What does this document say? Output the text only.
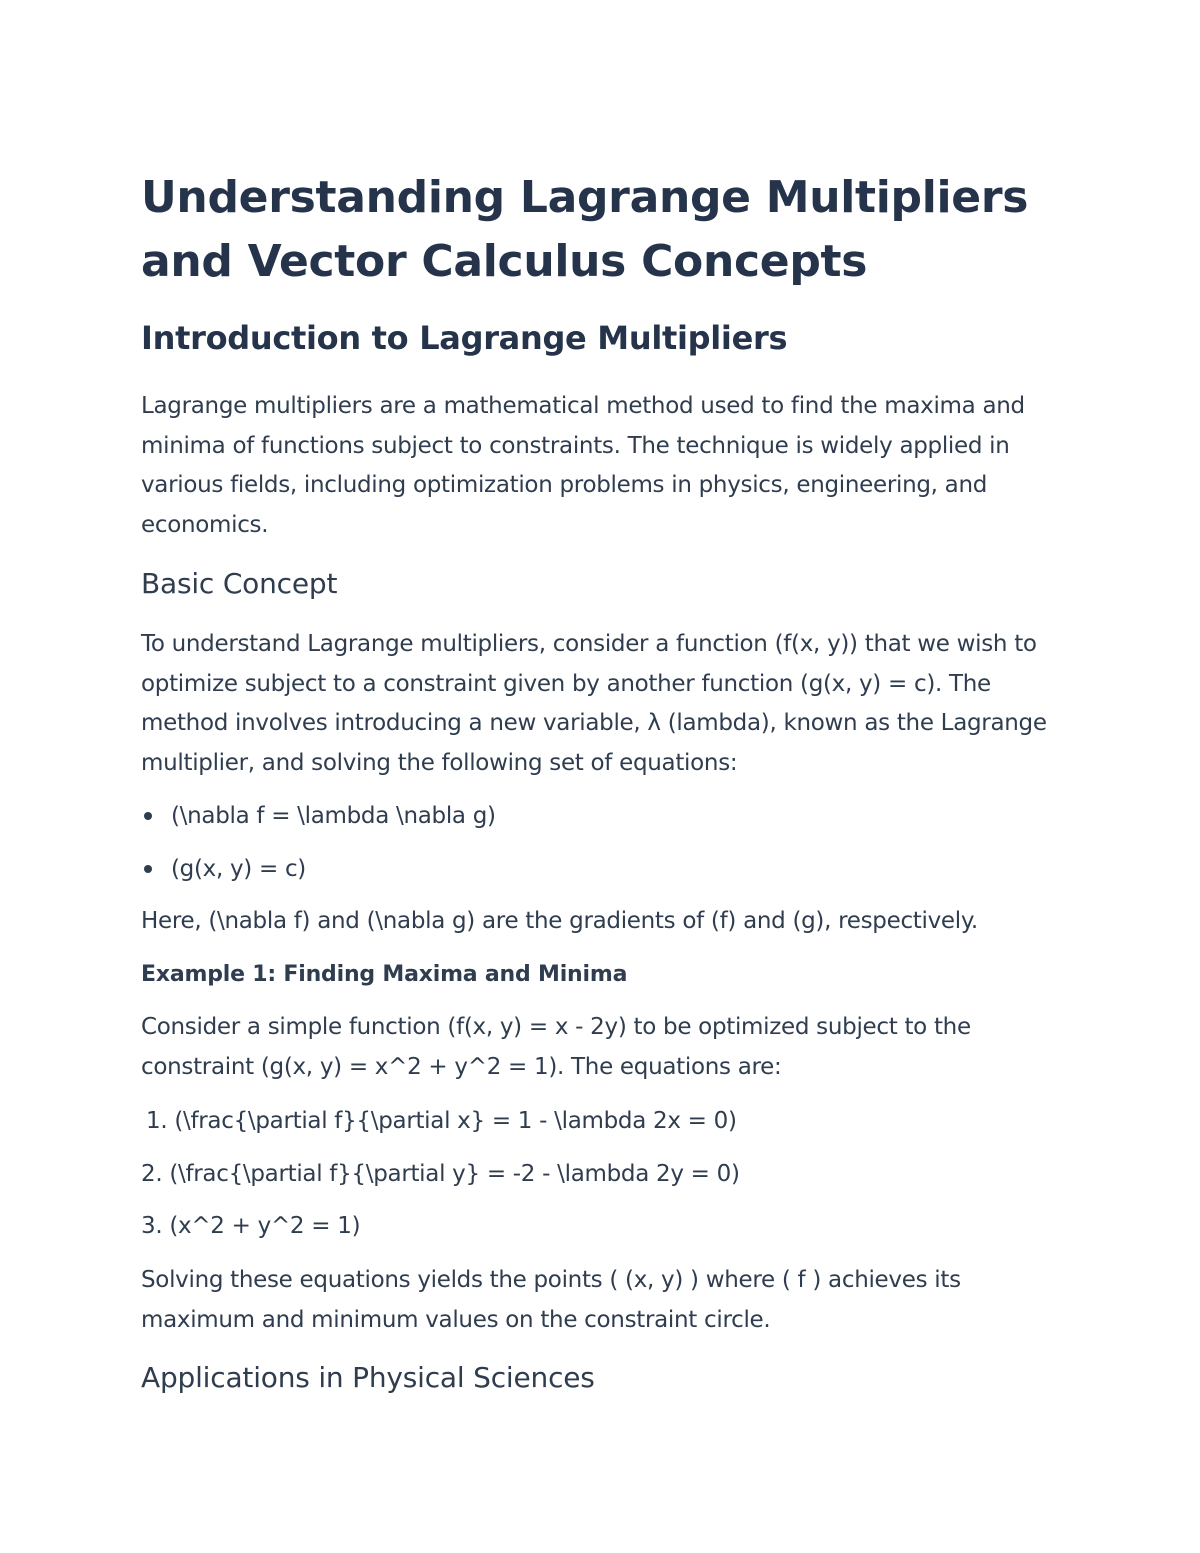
Understanding Lagrange Multipliers and Vector Calculus Concepts
Introduction to Lagrange Multipliers

Lagrange multipliers are a mathematical method used to find the maxima and minima of functions subject to constraints. The technique is widely applied in various fields, including optimization problems in physics, engineering, and economics.

Basic Concept

To understand Lagrange multipliers, consider a function (f(x, y)) that we wish to optimize subject to a constraint given by another function (g(x, y) = c). The method involves introducing a new variable, λ (lambda), known as the Lagrange multiplier, and solving the following set of equations:

(\nabla f = \lambda \nabla g)

(g(x, y) = c)

Here, (\nabla f) and (\nabla g) are the gradients of (f) and (g), respectively.

Example 1: Finding Maxima and Minima

Consider a simple function (f(x, y) = x - 2y) to be optimized subject to the constraint (g(x, y) = x^2 + y^2 = 1). The equations are:

1. (\frac{\partial f}{\partial x} = 1 - \lambda 2x = 0)

2. (\frac{\partial f}{\partial y} = -2 - \lambda 2y = 0)

3. (x^2 + y^2 = 1)

Solving these equations yields the points ( (x, y) ) where ( f ) achieves its maximum and minimum values on the constraint circle.

Applications in Physical Sciences
